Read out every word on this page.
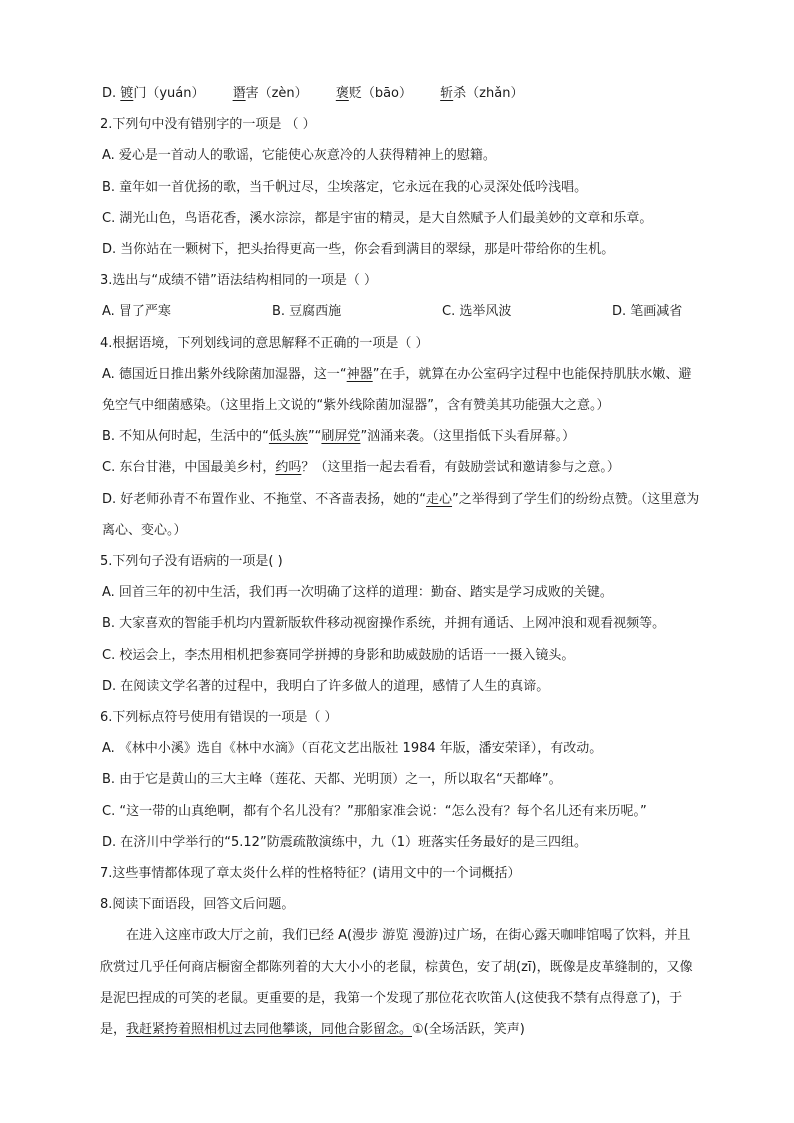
D. 镀门（yuán） 谮害（zèn） 褒贬（bāo） 斩杀（zhǎn）
2.下列句中没有错别字的一项是 （ ）
A. 爱心是一首动人的歌谣，它能使心灰意冷的人获得精神上的慰籍。
B. 童年如一首优扬的歌，当千帆过尽，尘埃落定，它永远在我的心灵深处低吟浅唱。
C. 湖光山色，鸟语花香，溪水淙淙，都是宇宙的精灵，是大自然赋予人们最美妙的文章和乐章。
D. 当你站在一颗树下，把头抬得更高一些，你会看到满目的翠绿，那是叶带给你的生机。
3.选出与“成绩不错”语法结构相同的一项是（ ）
A. 冒了严寒	B. 豆腐西施	C. 选举风波	D. 笔画减省
4.根据语境，下列划线词的意思解释不正确的一项是（ ）
A. 德国近日推出紫外线除菌加湿器，这一“神器”在手，就算在办公室码字过程中也能保持肌肤水嫩、避免空气中细菌感染。（这里指上文说的“紫外线除菌加湿器”，含有赞美其功能强大之意。）
B. 不知从何时起，生活中的“低头族”“刷屏党”汹涌来袭。（这里指低下头看屏幕。）
C. 东台甘港，中国最美乡村，约吗？（这里指一起去看看，有鼓励尝试和邀请参与之意。）
D. 好老师孙青不布置作业、不拖堂、不吝啬表扬，她的“走心”之举得到了学生们的纷纷点赞。（这里意为离心、变心。）
5.下列句子没有语病的一项是( )
A. 回首三年的初中生活，我们再一次明确了这样的道理：勤奋、踏实是学习成败的关键。
B. 大家喜欢的智能手机均内置新版软件移动视窗操作系统，并拥有通话、上网冲浪和观看视频等。
C. 校运会上，李杰用相机把参赛同学拼搏的身影和助威鼓励的话语一一摄入镜头。
D. 在阅读文学名著的过程中，我明白了许多做人的道理，感情了人生的真谛。
6.下列标点符号使用有错误的一项是（ ）
A. 《林中小溪》选自《林中水滴》（百花文艺出版社 1984 年版，潘安荣译），有改动。
B. 由于它是黄山的三大主峰（莲花、天都、光明顶）之一，所以取名“天都峰”。
C. “这一带的山真绝啊，都有个名儿没有？”那船家准会说：“怎么没有？每个名儿还有来历呢。”
D. 在济川中学举行的“5.12”防震疏散演练中，九（1）班落实任务最好的是三四组。
7.这些事情都体现了章太炎什么样的性格特征？(请用文中的一个词概括）
8.阅读下面语段，回答文后问题。
在进入这座市政大厅之前，我们已经 A(漫步 游览 漫游)过广场，在街心露天咖啡馆喝了饮料，并且欣赏过几乎任何商店橱窗全都陈列着的大大小小的老鼠，棕黄色，安了胡(zī)，既像是皮革缝制的，又像是泥巴捏成的可笑的老鼠。更重要的是，我第一个发现了那位花衣吹笛人(这使我不禁有点得意了)，于是，我赶紧挎着照相机过去同他攀谈，同他合影留念。①(全场活跃，笑声)
